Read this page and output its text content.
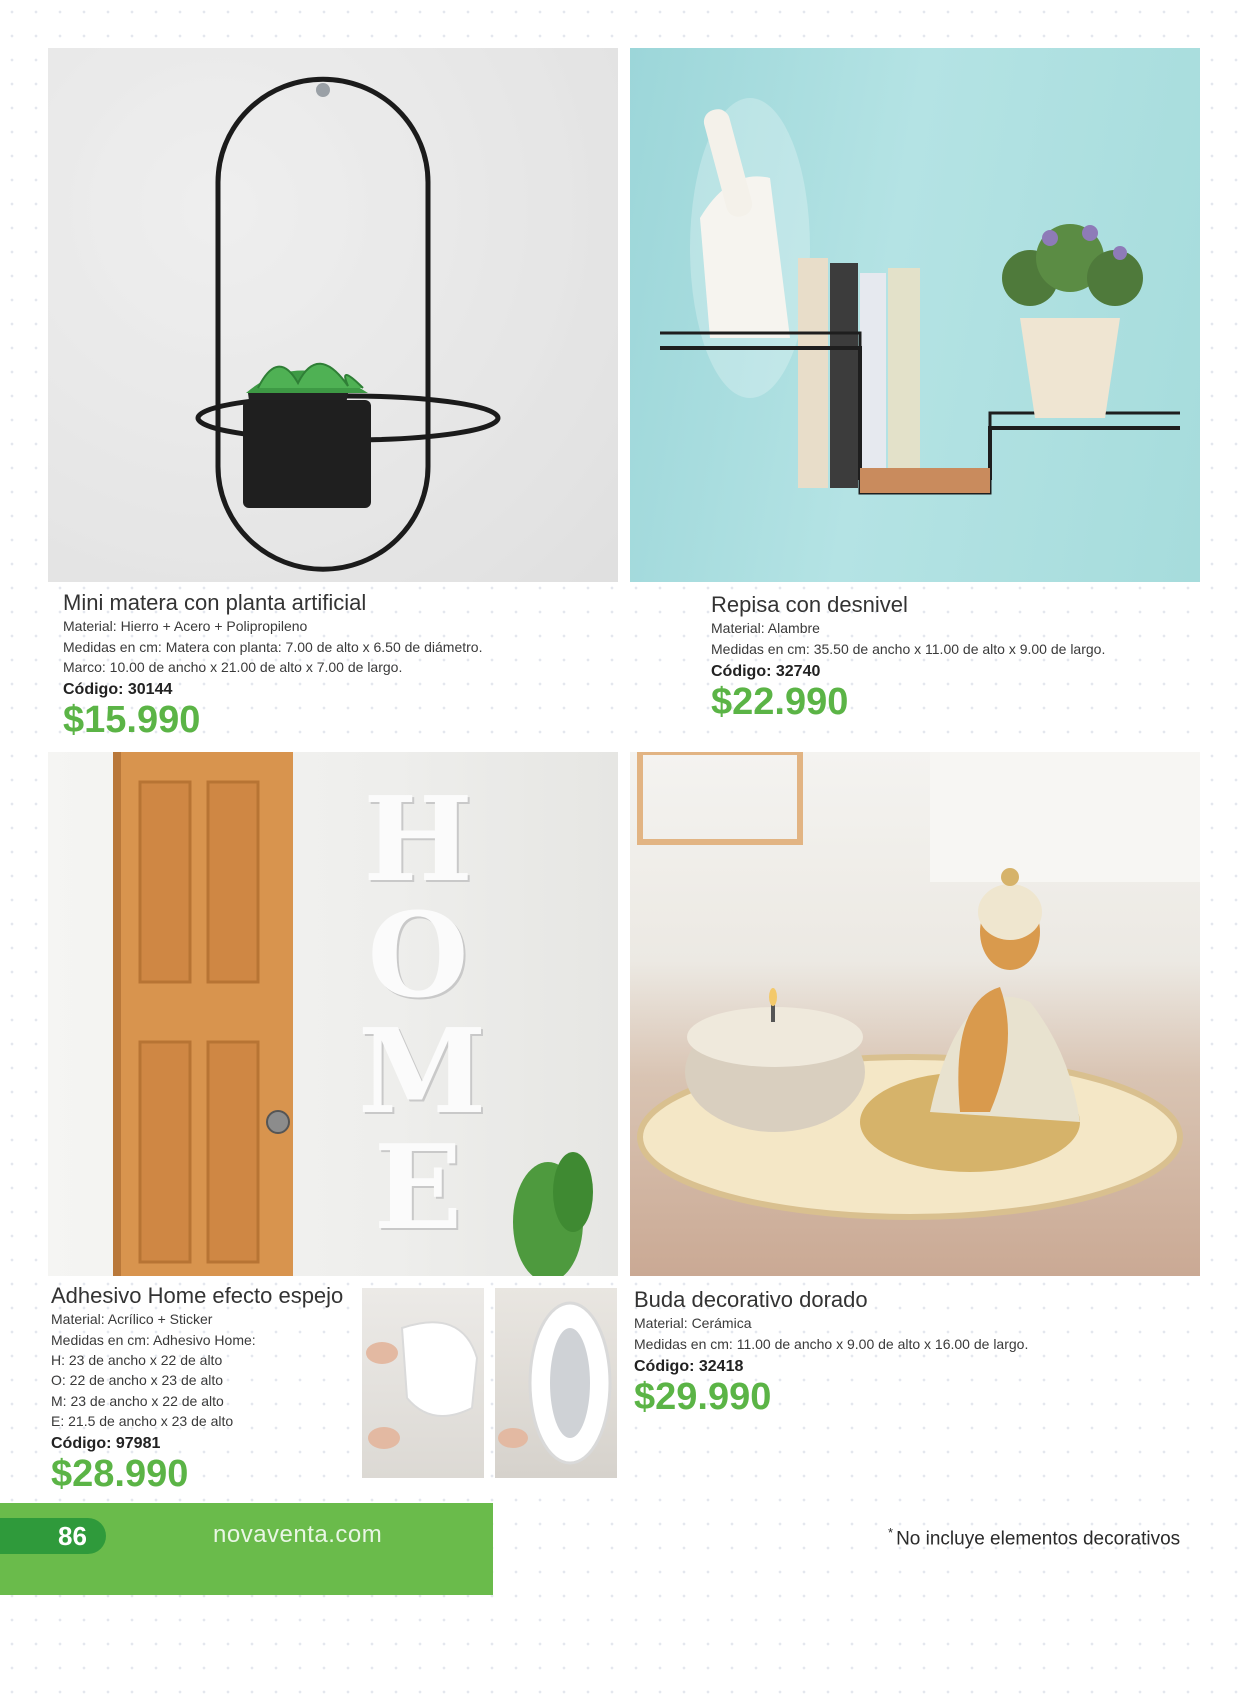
Mini matera con planta artificial
Material: Hierro + Acero + Polipropileno
Medidas en cm: Matera con planta: 7.00 de alto x 6.50 de diámetro.
Marco: 10.00 de ancho x 21.00 de alto x 7.00 de largo.
Código: 30144
$15.990
Repisa con desnivel
Material: Alambre
Medidas en cm: 35.50 de ancho x 11.00 de alto x 9.00 de largo.
Código: 32740
$22.990
H
O
M
E
Adhesivo Home efecto espejo
Material: Acrílico + Sticker
Medidas en cm: Adhesivo Home:
H: 23 de ancho x 22 de alto
O: 22 de ancho x 23 de alto
M: 23 de ancho x 22 de alto
E: 21.5 de ancho x 23 de alto
Código: 97981
$28.990
Buda decorativo dorado
Material: Cerámica
Medidas en cm: 11.00 de ancho x 9.00 de alto x 16.00 de largo.
Código: 32418
$29.990
86	novaventa.com	* No incluye elementos decorativos
